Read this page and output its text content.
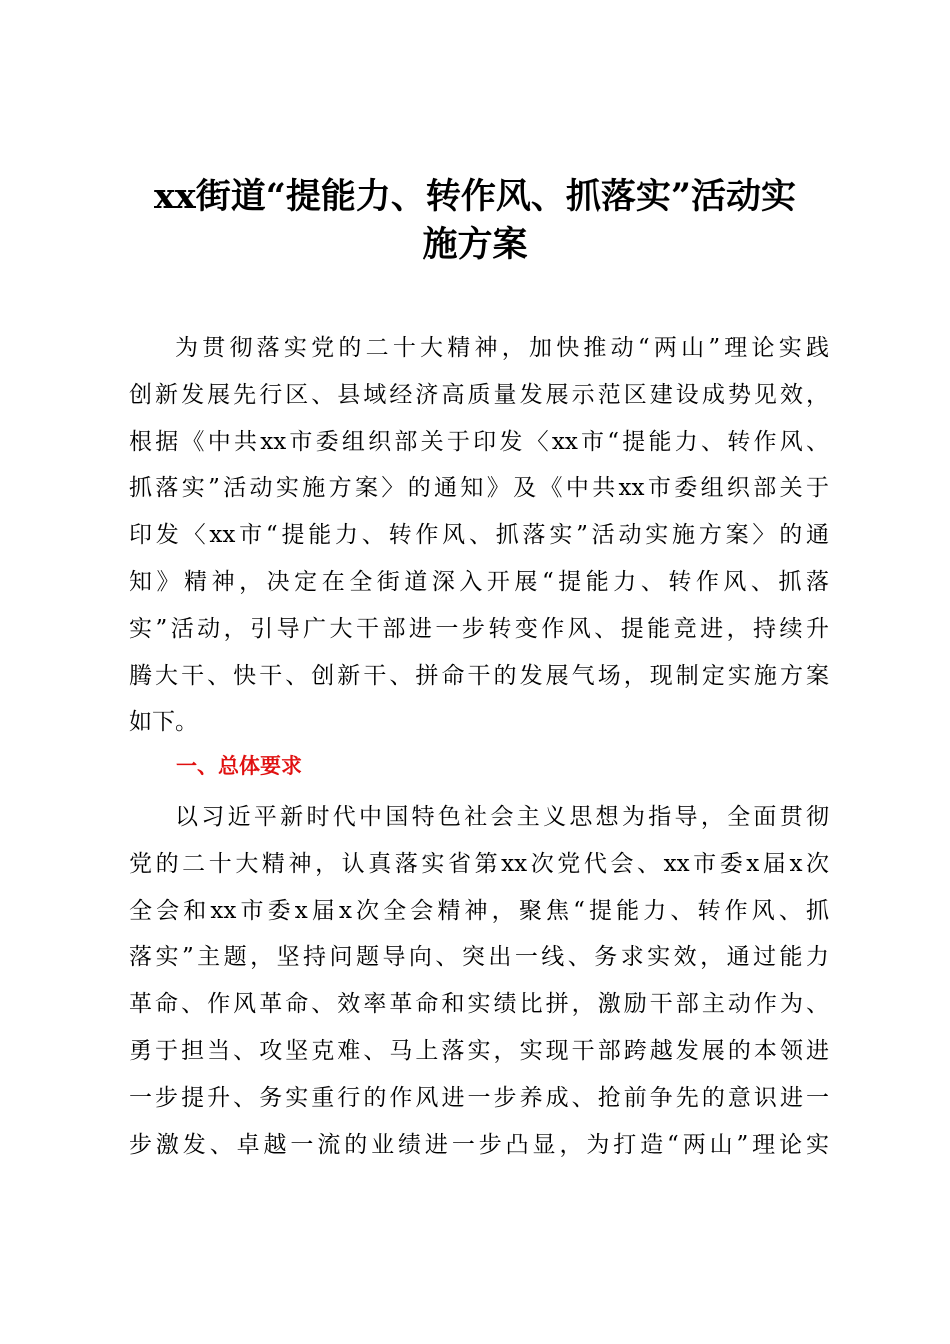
xx街道“提能力、转作风、抓落实”活动实
施方案
为贯彻落实党的二十大精神，加快推动“两山”理论实践
创新发展先行区、县域经济高质量发展示范区建设成势见效，
根据《中共xx市委组织部关于印发〈xx市“提能力、转作风、
抓落实”活动实施方案〉的通知》及《中共xx市委组织部关于
印发〈xx市“提能力、转作风、抓落实”活动实施方案〉的通
知》精神，决定在全街道深入开展“提能力、转作风、抓落
实”活动，引导广大干部进一步转变作风、提能竞进，持续升
腾大干、快干、创新干、拼命干的发展气场，现制定实施方案
如下。
一、总体要求
以习近平新时代中国特色社会主义思想为指导，全面贯彻
党的二十大精神，认真落实省第xx次党代会、xx市委x届x次
全会和xx市委x届x次全会精神，聚焦“提能力、转作风、抓
落实”主题，坚持问题导向、突出一线、务求实效，通过能力
革命、作风革命、效率革命和实绩比拼，激励干部主动作为、
勇于担当、攻坚克难、马上落实，实现干部跨越发展的本领进
一步提升、务实重行的作风进一步养成、抢前争先的意识进一
步激发、卓越一流的业绩进一步凸显，为打造“两山”理论实
